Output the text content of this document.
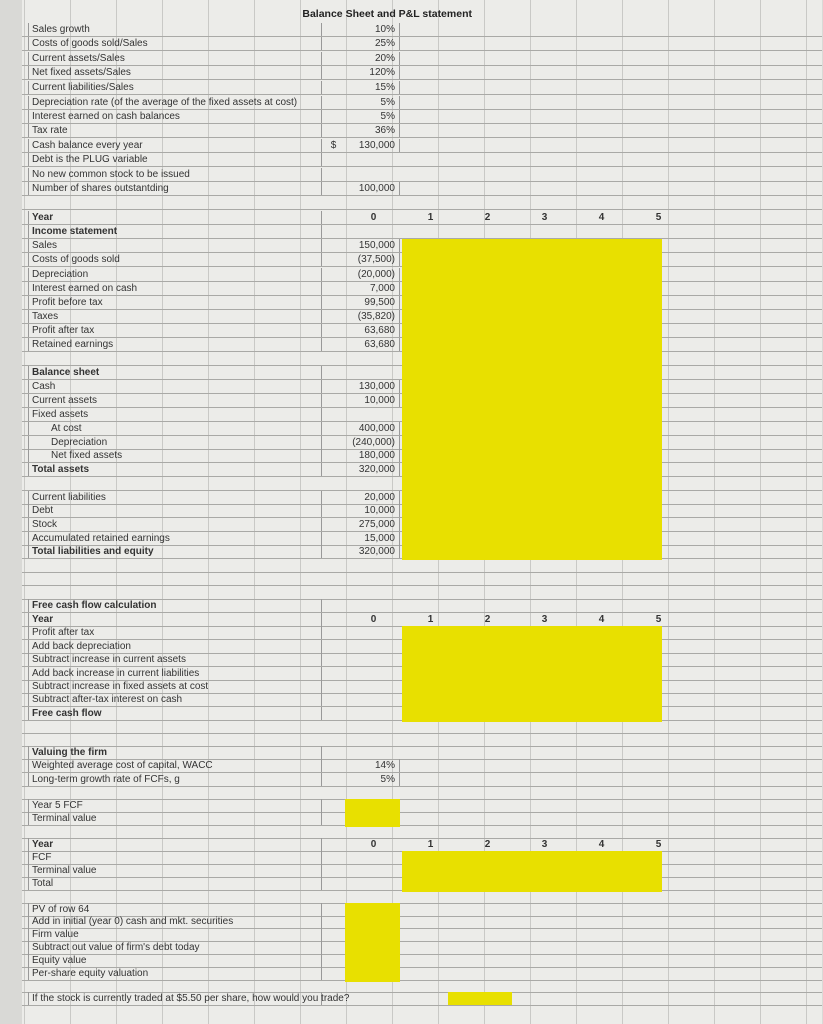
Balance Sheet and P&L statement
Sales growth	10%
Costs of goods sold/Sales	25%
Current assets/Sales	20%
Net fixed assets/Sales	120%
Current liabilities/Sales	15%
Depreciation rate (of the average of the fixed assets at cost)	5%
Interest earned on cash balances	5%
Tax rate	36%
Cash balance every year	$	130,000
Debt is the PLUG variable
No new common stock to be issued
Number of shares outstantding	100,000
Year	0	1	2	3	4	5
Income statement
Sales	150,000
Costs of goods sold	(37,500)
Depreciation	(20,000)
Interest earned on cash	7,000
Profit before tax	99,500
Taxes	(35,820)
Profit after tax	63,680
Retained earnings	63,680
Balance sheet
Cash	130,000
Current assets	10,000
Fixed assets
At cost	400,000
Depreciation	(240,000)
Net fixed assets	180,000
Total assets	320,000
Current liabilities	20,000
Debt	10,000
Stock	275,000
Accumulated retained earnings	15,000
Total liabilities and equity	320,000
Free cash flow calculation
Year	0	1	2	3	4	5
Profit after tax
Add back depreciation
Subtract increase in current assets
Add back increase in current liabilities
Subtract increase in fixed assets at cost
Subtract after-tax interest on cash
Free cash flow
Valuing the firm
Weighted average cost of capital, WACC	14%
Long-term growth rate of FCFs, g	5%
Year 5 FCF
Terminal value
Year	0	1	2	3	4	5
FCF
Terminal value
Total
PV of row 64
Add in initial (year 0) cash and mkt. securities
Firm value
Subtract out value of firm's debt today
Equity value
Per-share equity valuation
If the stock is currently traded at $5.50 per share, how would you trade?
